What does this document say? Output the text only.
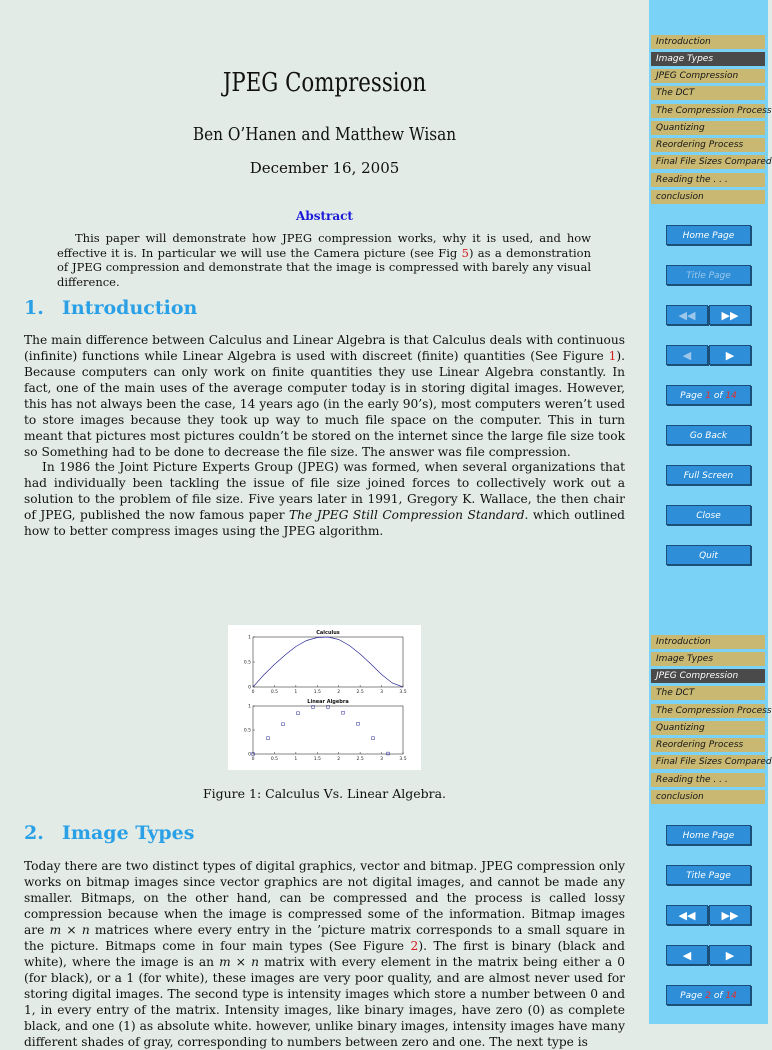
JPEG Compression
Ben O’Hanen and Matthew Wisan
December 16, 2005
Abstract
This paper will demonstrate how JPEG compression works, why it is used, and how effective it is. In particular we will use the Camera picture (see Fig 5) as a demonstration of JPEG compression and demonstrate that the image is compressed with barely any visual difference.
1. Introduction
The main difference between Calculus and Linear Algebra is that Calculus deals with continuous (infinite) functions while Linear Algebra is used with discreet (finite) quantities (See Figure 1). Because computers can only work on finite quantities they use Linear Algebra constantly. In fact, one of the main uses of the average computer today is in storing digital images. However, this has not always been the case, 14 years ago (in the early 90’s), most computers weren’t used to store images because they took up way to much file space on the computer. This in turn meant that pictures most pictures couldn’t be stored on the internet since the large file size took so Something had to be done to decrease the file size. The answer was file compression.
In 1986 the Joint Picture Experts Group (JPEG) was formed, when several organizations that had individually been tackling the issue of file size joined forces to collectively work out a solution to the problem of file size. Five years later in 1991, Gregory K. Wallace, the then chair of JPEG, published the now famous paper The JPEG Still Compression Standard. which outlined how to better compress images using the JPEG algorithm.
Calculus
0	0.5	1	1.5	2	2.5	3	3.5
0
0.5
1
Linear Algebra
0	0.5	1	1.5	2	2.5	3	3.5
0
0.5
1
Figure 1: Calculus Vs. Linear Algebra.
2. Image Types
Today there are two distinct types of digital graphics, vector and bitmap. JPEG compression only works on bitmap images since vector graphics are not digital images, and cannot be made any smaller. Bitmaps, on the other hand, can be compressed and the process is called lossy compression because when the image is compressed some of the information. Bitmap images are m × n matrices where every entry in the ’picture matrix corresponds to a small square in the picture. Bitmaps come in four main types (See Figure 2). The first is binary (black and white), where the image is an m × n matrix with every element in the matrix being either a 0 (for black), or a 1 (for white), these images are very poor quality, and are almost never used for storing digital images. The second type is intensity images which store a number between 0 and 1, in every entry of the matrix. Intensity images, like binary images, have zero (0) as complete black, and one (1) as absolute white. however, unlike binary images, intensity images have many different shades of gray, corresponding to numbers between zero and one. The next type is
Introduction
Image Types
JPEG Compression
The DCT
The Compression Process
Quantizing
Reordering Process
Final File Sizes Compared
Reading the . . .
conclusion
Home Page
Title Page
◀◀	▶▶
◀	▶
Page 1 of 14
Go Back
Full Screen
Close
Quit
Introduction
Image Types
JPEG Compression
The DCT
The Compression Process
Quantizing
Reordering Process
Final File Sizes Compared
Reading the . . .
conclusion
Home Page
Title Page
◀◀	▶▶
◀	▶
Page 2 of 14
